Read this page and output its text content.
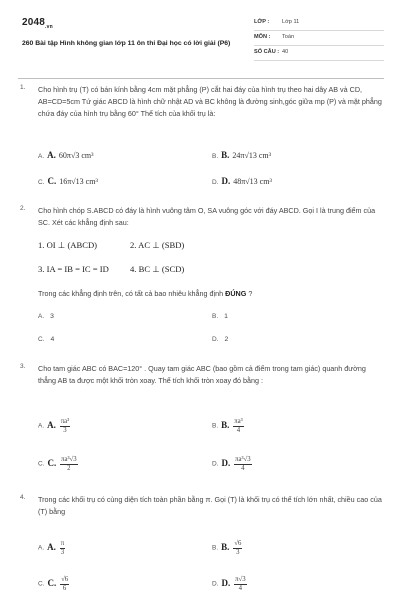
$2048_{.vn}$
260 Bài tập Hình không gian lớp 11 ôn thi Đại học có lời giải (P6)
LỚP : Lớp 11
MÔN : Toán
SỐ CÂU : 40
1. Cho hình trụ (T) có bán kính bằng 4cm mặt phẳng (P) cắt hai đáy của hình trụ theo hai dây AB và CD, AB=CD=5cm Tứ giác ABCD là hình chữ nhật AD và BC không là đường sinh,góc giữa mp (P) và mặt phẳng chứa đáy của hình trụ bằng 60° Thể tích của khối trụ là:
A. A. 60π√3 cm³	B. B. 24π√13 cm³
C. C. 16π√13 cm³	D. D. 48π√13 cm³
2. Cho hình chóp S.ABCD có đáy là hình vuông tâm O, SA vuông góc với đáy ABCD. Gọi I là trung điểm của SC. Xét các khẳng định sau:
1. OI ⊥ (ABCD)	2. AC ⊥ (SBD)
3. IA = IB = IC = ID 4. BC ⊥ (SCD)
Trong các khẳng định trên, có tất cả bao nhiêu khẳng định ĐÚNG ?
A. 3	B. 1
C. 4	D. 2
3. Cho tam giác ABC có BAC=120° . Quay tam giác ABC (bao gồm cả điểm trong tam giác) quanh đường thẳng AB ta được một khối tròn xoay. Thể tích khối tròn xoay đó bằng :
A. A. $\frac{\text{πa³}}{3}$	B. B. $\frac{\text{πa³}}{4}$
C. C. $\frac{\text{πa³√3}}{2}$	D. D. $\frac{\text{πa³√3}}{4}$
4. Trong các khối trụ có cùng diện tích toàn phần bằng π. Gọi (T) là khối trụ có thể tích lớn nhất, chiều cao của (T) bằng
A. A. $\frac{\pi}{3}$	B. B. $\frac{√6}{3}$
C. C. $\frac{√6}{6}$	D. D. $\frac{\pi√3}{4}$
